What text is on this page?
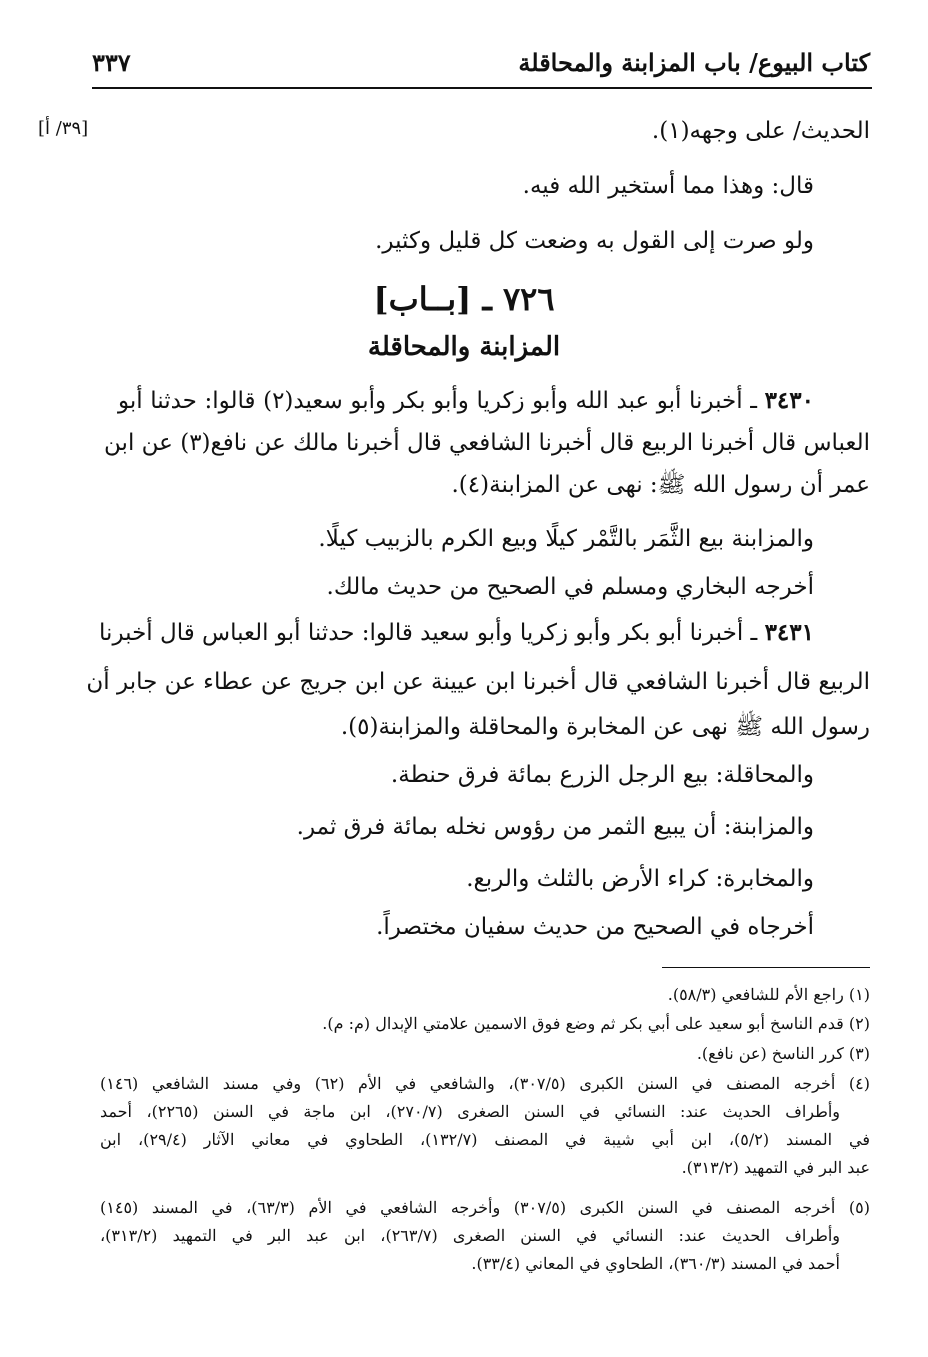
كتاب البيوع/ باب المزابنة والمحاقلة
٣٣٧
[٣٩/ أ]	الحديث/ على وجهه(١).
قال: وهذا مما أستخير الله فيه.
ولو صرت إلى القول به وضعت كل قليل وكثير.
٧٢٦ ـ [بــاب]
المزابنة والمحاقلة
٣٤٣٠ ـ أخبرنا أبو عبد الله وأبو زكريا وأبو بكر وأبو سعيد(٢) قالوا: حدثنا أبو
العباس قال أخبرنا الربيع قال أخبرنا الشافعي قال أخبرنا مالك عن نافع(٣) عن ابن
عمر أن رسول الله ﷺ: نهى عن المزابنة(٤).
والمزابنة بيع الثَّمَر بالتَّمْر كيلًا وبيع الكرم بالزبيب كيلًا.
أخرجه البخاري ومسلم في الصحيح من حديث مالك.
٣٤٣١ ـ أخبرنا أبو بكر وأبو زكريا وأبو سعيد قالوا: حدثنا أبو العباس قال أخبرنا
الربيع قال أخبرنا الشافعي قال أخبرنا ابن عيينة عن ابن جريج عن عطاء عن جابر أن
رسول الله ﷺ نهى عن المخابرة والمحاقلة والمزابنة(٥).
والمحاقلة: بيع الرجل الزرع بمائة فرق حنطة.
والمزابنة: أن يبيع الثمر من رؤوس نخله بمائة فرق ثمر.
والمخابرة: كراء الأرض بالثلث والربع.
أخرجاه في الصحيح من حديث سفيان مختصراً.
(١) راجع الأم للشافعي (٥٨/٣).
(٢) قدم الناسخ أبو سعيد على أبي بكر ثم وضع فوق الاسمين علامتي الإبدال (م: م).
(٣) كرر الناسخ (عن نافع).
(٤) أخرجه المصنف في السنن الكبرى (٣٠٧/٥)، والشافعي في الأم (٦٢) وفي مسند الشافعي (١٤٦)
وأطراف الحديث عند: النسائي في السنن الصغرى (٢٧٠/٧)، ابن ماجة في السنن (٢٢٦٥)، أحمد
في المسند (٥/٢)، ابن أبي شيبة في المصنف (١٣٢/٧)، الطحاوي في معاني الآثار (٢٩/٤)، ابن
عبد البر في التمهيد (٣١٣/٢).
(٥) أخرجه المصنف في السنن الكبرى (٣٠٧/٥) وأخرجه الشافعي في الأم (٦٣/٣)، في المسند (١٤٥)
وأطراف الحديث عند: النسائي في السنن الصغرى (٢٦٣/٧)، ابن عبد البر في التمهيد (٣١٣/٢)،
أحمد في المسند (٣٦٠/٣)، الطحاوي في المعاني (٣٣/٤).
